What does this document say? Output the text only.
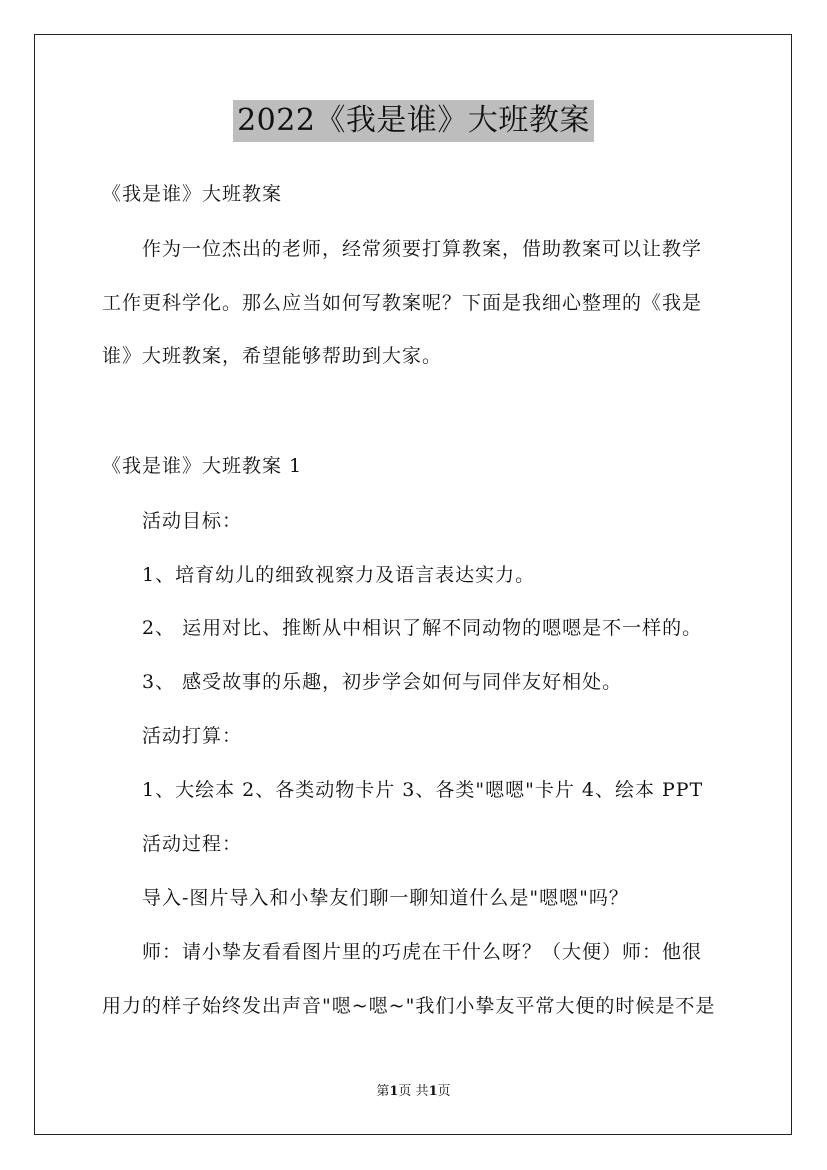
2022《我是谁》大班教案
《我是谁》大班教案
作为一位杰出的老师，经常须要打算教案，借助教案可以让教学
工作更科学化。那么应当如何写教案呢？下面是我细心整理的《我是
谁》大班教案，希望能够帮助到大家。
《我是谁》大班教案 1
活动目标：
1、培育幼儿的细致视察力及语言表达实力。
2、 运用对比、推断从中相识了解不同动物的嗯嗯是不一样的。
3、 感受故事的乐趣，初步学会如何与同伴友好相处。
活动打算：
1、大绘本 2、各类动物卡片 3、各类"嗯嗯"卡片 4、绘本 PPT
活动过程：
导入-图片导入和小挚友们聊一聊知道什么是"嗯嗯"吗？
师：请小挚友看看图片里的巧虎在干什么呀？（大便）师：他很
用力的样子始终发出声音"嗯~嗯~"我们小挚友平常大便的时候是不是
第1页 共1页
